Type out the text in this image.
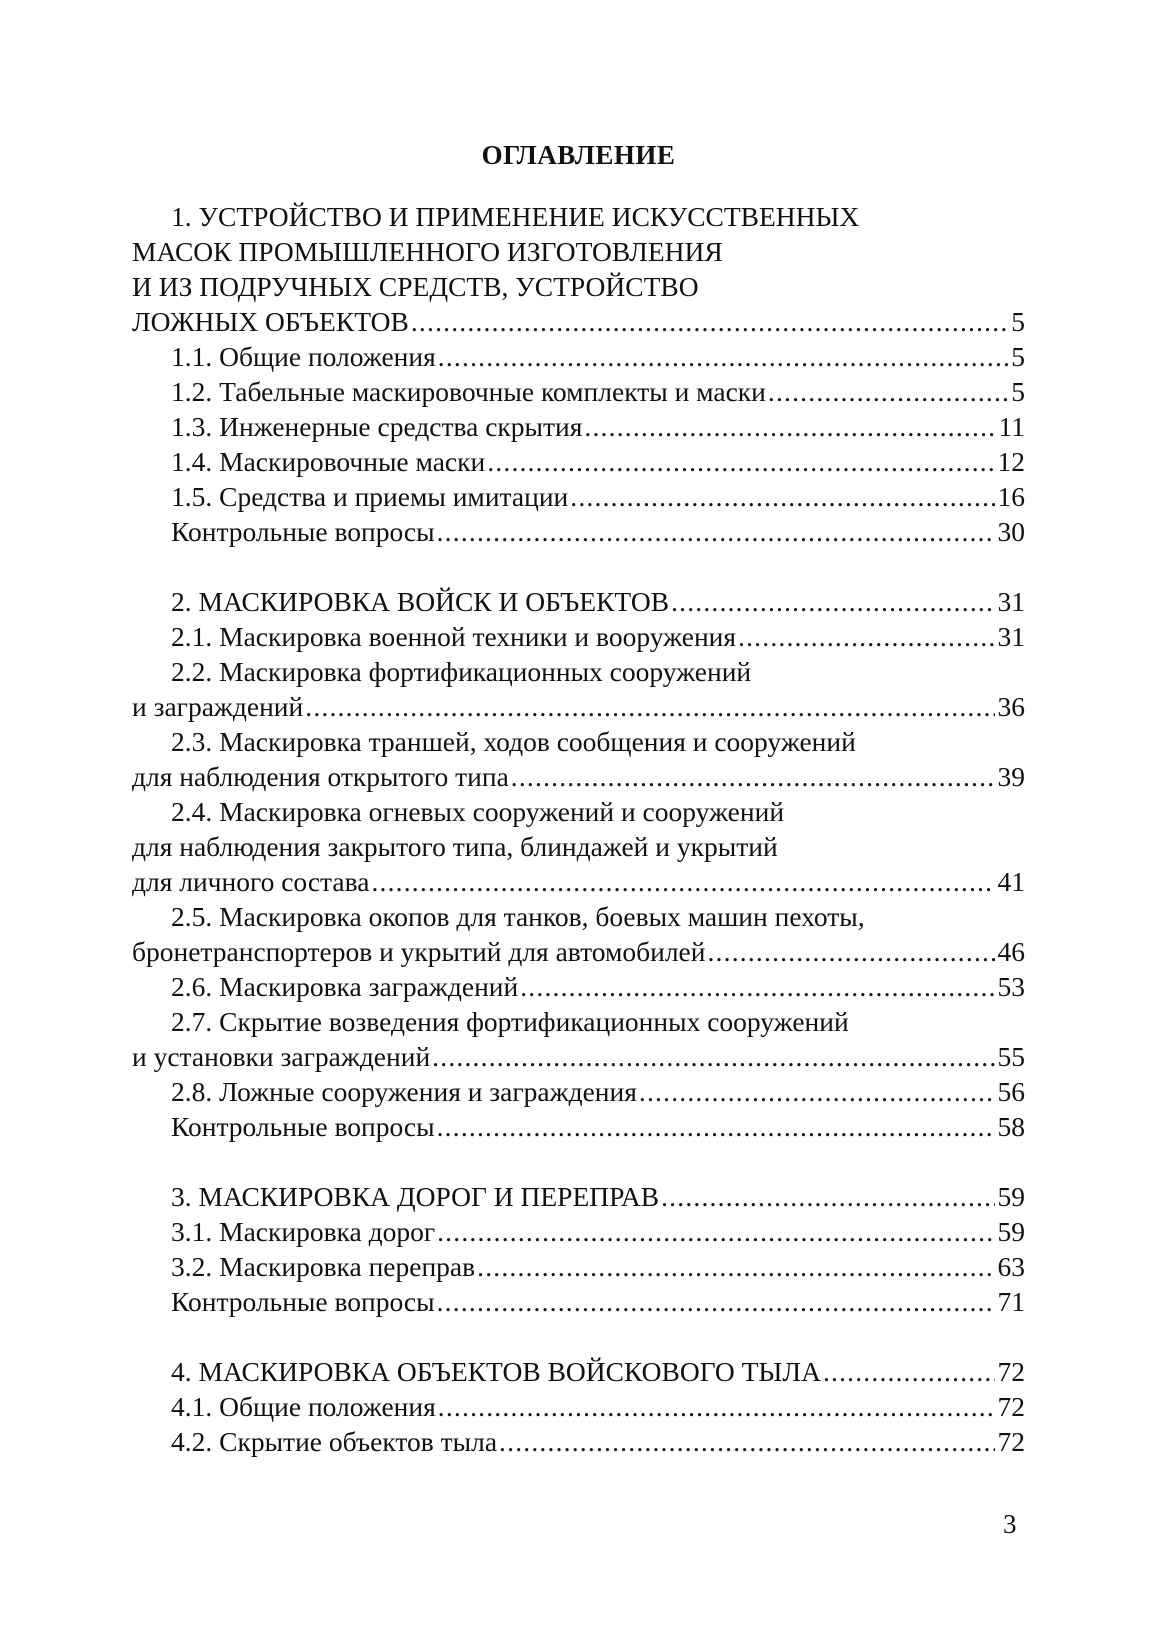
ОГЛАВЛЕНИЕ
1. УСТРОЙСТВО И ПРИМЕНЕНИЕ ИСКУССТВЕННЫХ
МАСОК ПРОМЫШЛЕННОГО ИЗГОТОВЛЕНИЯ
И ИЗ ПОДРУЧНЫХ СРЕДСТВ, УСТРОЙСТВО
ЛОЖНЫХ ОБЪЕКТОВ .....	5
1.1. Общие положения .....	5
1.2. Табельные маскировочные комплекты и маски .....	5
1.3. Инженерные средства скрытия .....	11
1.4. Маскировочные маски .....	12
1.5. Средства и приемы имитации .....	16
Контрольные вопросы .....	30
2. МАСКИРОВКА ВОЙСК И ОБЪЕКТОВ .....	31
2.1. Маскировка военной техники и вооружения .....	31
2.2. Маскировка фортификационных сооружений
и заграждений .....	36
2.3. Маскировка траншей, ходов сообщения и сооружений
для наблюдения открытого типа .....	39
2.4. Маскировка огневых сооружений и сооружений
для наблюдения закрытого типа, блиндажей и укрытий
для личного состава .....	41
2.5. Маскировка окопов для танков, боевых машин пехоты,
бронетранспортеров и укрытий для автомобилей .....	46
2.6. Маскировка заграждений .....	53
2.7. Скрытие возведения фортификационных сооружений
и установки заграждений .....	55
2.8. Ложные сооружения и заграждения .....	56
Контрольные вопросы .....	58
3. МАСКИРОВКА ДОРОГ И ПЕРЕПРАВ .....	59
3.1. Маскировка дорог .....	59
3.2. Маскировка переправ .....	63
Контрольные вопросы .....	71
4. МАСКИРОВКА ОБЪЕКТОВ ВОЙСКОВОГО ТЫЛА .....	72
4.1. Общие положения .....	72
4.2. Скрытие объектов тыла .....	72
3
